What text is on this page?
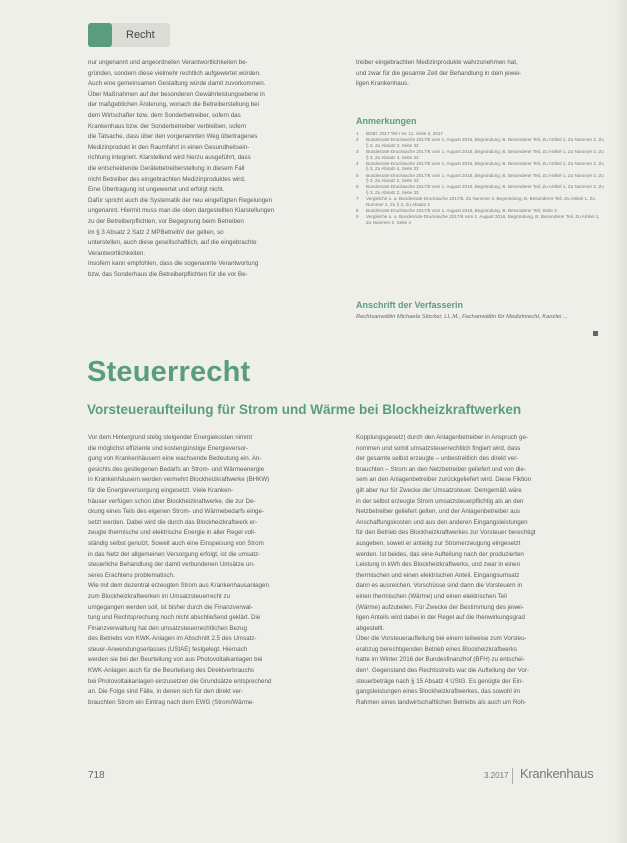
Recht

nur ungenannt und angeordneten Verantwortlichkeiten be-

gründen, sondern diese vielmehr rechtlich aufgewertet würden.

Auch eine gemeinsamen Gestaltung würde damit zuvorkommen.

Über Maßnahmen auf der besonderen Gewährleistungsebene in

der maßgeblichen Änderung, wonach die Betreiberstellung bei

dem Wirtschafter bzw. dem Sonderbetreiber, sofern das

Krankenhaus bzw. der Sonderbetreiber verbleiben, sofern

die Tatsache, dass über den vorgenannten Weg übertragenes

Medizinprodukt in den Raumfahrt in einen Gesundheitsein-

richtung integriert. Klarstellend wird hierzu ausgeführt, dass

die entscheidende Gerätebetreiberstellung in diesem Fall

nicht Betreiber des eingebrachten Medizinproduktes wird.

Eine Übertragung ist ungewertet und erfolgt nicht.

Dafür spricht auch die Systematik der neu eingefügten Regelungen

ungenannt. Hiermit muss man die oben dargestellten Klarstellungen

zu der Betreiberpflichten, vor Begegnung beim Betreiben

im § 3 Absatz 2 Satz 2 MPBetreibV der gelten, so

unterstellen, auch diese gesellschaftlich, auf die eingebrachte

Verantwortlichkeiten.

Insofern kann empfohlen, dass die sogenannte Verantwortung

bzw. das Sonderhaus die Betreiberpflichten für die vor Be-

treiber eingebrachten Medizinprodukte wahrzunehmen hat,

und zwar für die gesamte Zeit der Behandlung in dem jewei-

ligen Krankenhaus.

Anmerkungen
1	BGBl. 2017 Teil I Nr. 11, Seite 3, 2017
2	Bundesrats-Drucksache 2017/6 vom 1. August 2016, Begründung, B. Besonderer Teil, Zu Artikel 1, Zu Nummer 2, Zu § 3, Zu Absatz 2, Seite 33
3	Bundesrats-Drucksache 2017/6 vom 1. August 2016, Begründung, B. Besonderer Teil, Zu Artikel 1, Zu Nummer 2, Zu § 3, Zu Absatz 4, Seite 33
4	Bundesrats-Drucksache 2017/6 vom 1. August 2016, Begründung, B. Besonderer Teil, Zu Artikel 1, Zu Nummer 2, Zu § 3, Zu Absatz 4, Seite 33
5	Bundesrats-Drucksache 2017/6 vom 1. August 2016, Begründung, B. Besonderer Teil, Zu Artikel 1, Zu Nummer 2, Zu § 3, Zu Absatz 2, Seite 33
6	Bundesrats-Drucksache 2017/6 vom 1. August 2016, Begründung, B. Besonderer Teil, Zu Artikel 1, Zu Nummer 2, Zu § 3, Zu Absatz 2, Seite 33
7	Vergleiche u. a. Bundesrats-Drucksache 2017/6, Zu Nummer 4, Begründung, B. Besonderer Teil, Zu Artikel 1, Zu Nummer 2, Zu § 3, Zu Absatz 4
8	Bundesrats-Drucksache 2017/6 vom 1. August 2016, Begründung, B. Besonderer Teil, Seite 3
9	Vergleiche u. a. Bundesrats-Drucksache 2017/6 vom 1. August 2016, Begründung, B. Besonderer Teil, Zu Artikel 1, Zu Nummer 2, Seite 4
Anschrift der Verfasserin
Rechtsanwältin Michaela Stöcker, LL.M., Fachanwältin für Medizinrecht, Kanzlei ...
Steuerrecht
Vorsteueraufteilung für Strom und Wärme bei Blockheizkraftwerken

Vor dem Hintergrund stetig steigender Energiekosten nimmt

die möglichst effiziente und kostengünstige Energieversor-

gung von Krankenhäusern eine wachsende Bedeutung ein. An-

gesichts des gestiegenen Bedarfs an Strom- und Wärmeenergie

in Krankenhäusern werden vermehrt Blockheizkraftwerke (BHKW)

für die Energieversorgung eingesetzt. Viele Kranken-

häuser verfügen schon über Blockheizkraftwerke, die zur De-

ckung eines Teils des eigenen Strom- und Wärmebedarfs einge-

setzt werden. Dabei wird die durch das Blockheizkraftwerk er-

zeugte thermische und elektrische Energie in aller Regel voll-

ständig selbst genutzt. Soweit auch eine Einspeisung von Strom

in das Netz der allgemeinen Versorgung erfolgt, ist die umsatz-

steuerliche Behandlung der damit verbundenen Umsätze un-

seres Erachtens problematisch.

Wie mit dem dezentral erzeugten Strom aus Krankenhausanlagen

zum Blockheizkraftwerken im Umsatzsteuerrecht zu

umgegangen werden soll, ist bisher durch die Finanzverwal-

tung und Rechtsprechung noch nicht abschließend geklärt. Die

Finanzverwaltung hat den umsatzsteuerrechtlichen Bezug

des Betriebs von KWK-Anlagen im Abschnitt 2.5 des Umsatz-

steuer-Anwendungserlasses (UStAE) festgelegt. Hiernach

werden sie bei der Beurteilung von aus Photovoltaikanlagen bei

KWK-Anlagen auch für die Beurteilung des Direktverbrauchs

bei Photovoltaikanlagen einzusetzen die Grundsätze entsprechend

an. Die Folge sind Fälle, in denen sich für den direkt ver-

brauchten Strom ein Eintrag nach dem EWG (Strom/Wärme-

Kopplungsgesetz) durch den Anlagenbetreiber in Anspruch ge-

nommen und somit umsatzsteuerrechtlich fingiert wird, dass

der gesamte selbst erzeugte – unbestreitlich des direkt ver-

brauchten – Strom an den Netzbetreiber geliefert und von die-

sem an den Anlagenbetreiber zurückgeliefert wird. Diese Fiktion

gilt aber nur für Zwecke der Umsatzsteuer. Demgemäß wäre

in der selbst erzeugte Strom umsatzsteuerpflichtig als an den

Netzbetreiber geliefert gelten, und der Anlagenbetreiber aus

Anschaffungskosten und aus den anderen Eingangsleistungen

für den Betrieb des Blockheizkraftwerkes zur Vorsteuer berechtigt

ausgeben, soweit er anteilig zur Stromerzeugung eingesetzt

werden. Ist beides, das eine Aufteilung nach der produzierten

Leistung in kWh des Blockheizkraftwerks, und zwar in einen

thermischen und einen elektrischen Anteil. Eingangsumsatz

dann es ausreichen. Vorschüsse sind dann die Vorsteuern in

einen thermischen (Wärme) und einen elektrischen Teil

(Wärme) aufzuteilen. Für Zwecke der Bestimmung des jewei-

ligen Anteils wird dabei in der Regel auf die Ihenwirkungsgrad

abgestellt.

Über die Vorsteueraufteilung bei einem teilweise zum Vorsteu-

erabzug berechtigenden Betrieb eines Blockheizkraftwerks

hatte im Winter 2016 der Bundesfinanzhof (BFH) zu entschei-

den¹. Gegenstand des Rechtsstreits war die Aufteilung der Vor-

steuerbeträge nach § 15 Absatz 4 UStG. Es genügte der Ein-

gangsleistungen eines Blockheizkraftwerkes, das sowohl im

Rahmen eines landwirtschaftlichen Betriebs als auch um Roh-

718	3.2017 Krankenhaus
